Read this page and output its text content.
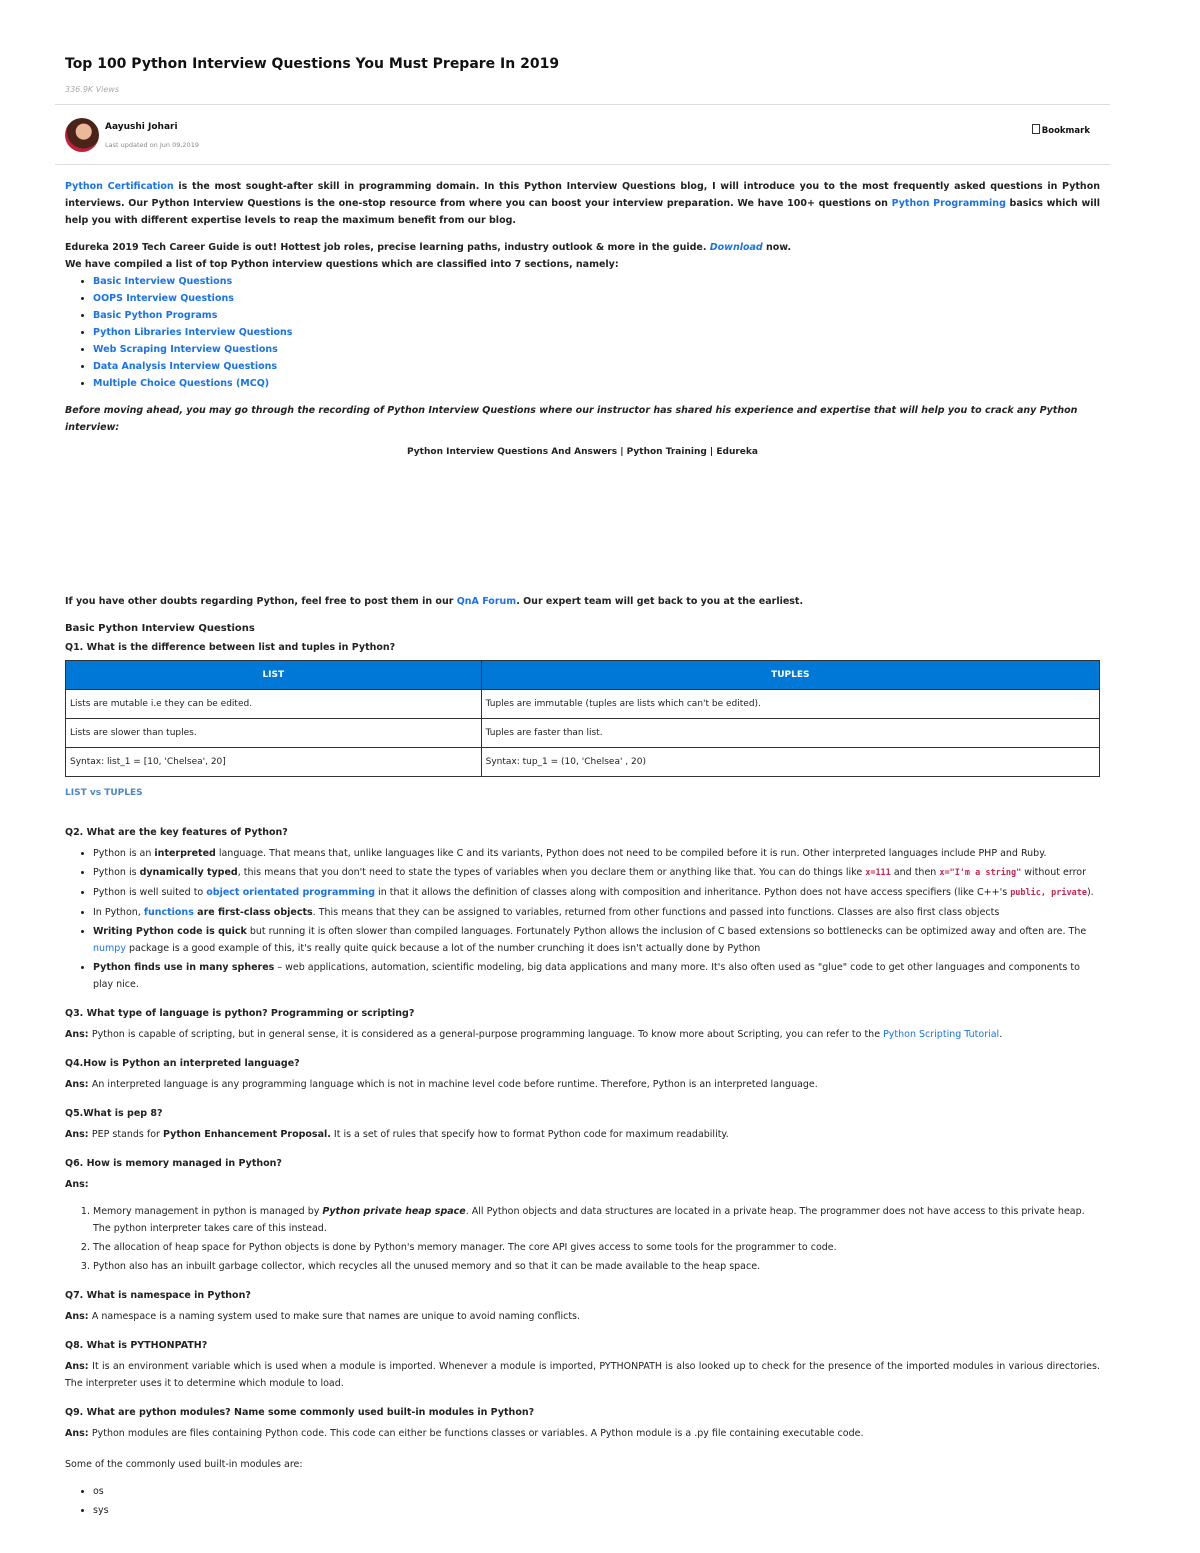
Top 100 Python Interview Questions You Must Prepare In 2019
336.9K Views
Aayushi Johari
Last updated on Jun 09,2019
Bookmark

Python Certification is the most sought-after skill in programming domain. In this Python Interview Questions blog, I will introduce you to the most frequently asked questions in Python interviews. Our Python Interview Questions is the one-stop resource from where you can boost your interview preparation. We have 100+ questions on Python Programming basics which will help you with different expertise levels to reap the maximum benefit from our blog.

Edureka 2019 Tech Career Guide is out! Hottest job roles, precise learning paths, industry outlook & more in the guide. Download now.
We have compiled a list of top Python interview questions which are classified into 7 sections, namely:
• Basic Interview Questions
• OOPS Interview Questions
• Basic Python Programs
• Python Libraries Interview Questions
• Web Scraping Interview Questions
• Data Analysis Interview Questions
• Multiple Choice Questions (MCQ)
Before moving ahead, you may go through the recording of Python Interview Questions where our instructor has shared his experience and expertise that will help you to crack any Python interview:
Python Interview Questions And Answers | Python Training | Edureka

If you have other doubts regarding Python, feel free to post them in our QnA Forum. Our expert team will get back to you at the earliest.

Basic Python Interview Questions
Q1. What is the difference between list and tuples in Python?
LIST	TUPLES
Lists are mutable i.e they can be edited.	Tuples are immutable (tuples are lists which can't be edited).
Lists are slower than tuples.	Tuples are faster than list.
Syntax: list_1 = [10, 'Chelsea', 20]	Syntax: tup_1 = (10, 'Chelsea' , 20)
LIST vs TUPLES
Q2. What are the key features of Python?
• Python is an interpreted language. That means that, unlike languages like C and its variants, Python does not need to be compiled before it is run. Other interpreted languages include PHP and Ruby.
• Python is dynamically typed, this means that you don't need to state the types of variables when you declare them or anything like that. You can do things like x=111 and then x="I'm a string" without error
• Python is well suited to object orientated programming in that it allows the definition of classes along with composition and inheritance. Python does not have access specifiers (like C++'s public, private).
• In Python, functions are first-class objects. This means that they can be assigned to variables, returned from other functions and passed into functions. Classes are also first class objects
• Writing Python code is quick but running it is often slower than compiled languages. Fortunately Python allows the inclusion of C based extensions so bottlenecks can be optimized away and often are. The numpy package is a good example of this, it's really quite quick because a lot of the number crunching it does isn't actually done by Python
• Python finds use in many spheres – web applications, automation, scientific modeling, big data applications and many more. It's also often used as "glue" code to get other languages and components to play nice.
Q3. What type of language is python? Programming or scripting?

Ans: Python is capable of scripting, but in general sense, it is considered as a general-purpose programming language. To know more about Scripting, you can refer to the Python Scripting Tutorial.

Q4.How is Python an interpreted language?

Ans: An interpreted language is any programming language which is not in machine level code before runtime. Therefore, Python is an interpreted language.

Q5.What is pep 8?

Ans: PEP stands for Python Enhancement Proposal. It is a set of rules that specify how to format Python code for maximum readability.

Q6. How is memory managed in Python?

Ans:

1. Memory management in python is managed by Python private heap space. All Python objects and data structures are located in a private heap. The programmer does not have access to this private heap. The python interpreter takes care of this instead.
2. The allocation of heap space for Python objects is done by Python's memory manager. The core API gives access to some tools for the programmer to code.
3. Python also has an inbuilt garbage collector, which recycles all the unused memory and so that it can be made available to the heap space.
Q7. What is namespace in Python?

Ans: A namespace is a naming system used to make sure that names are unique to avoid naming conflicts.

Q8. What is PYTHONPATH?

Ans: It is an environment variable which is used when a module is imported. Whenever a module is imported, PYTHONPATH is also looked up to check for the presence of the imported modules in various directories. The interpreter uses it to determine which module to load.

Q9. What are python modules? Name some commonly used built-in modules in Python?

Ans: Python modules are files containing Python code. This code can either be functions classes or variables. A Python module is a .py file containing executable code.

Some of the commonly used built-in modules are:

• os
• sys
